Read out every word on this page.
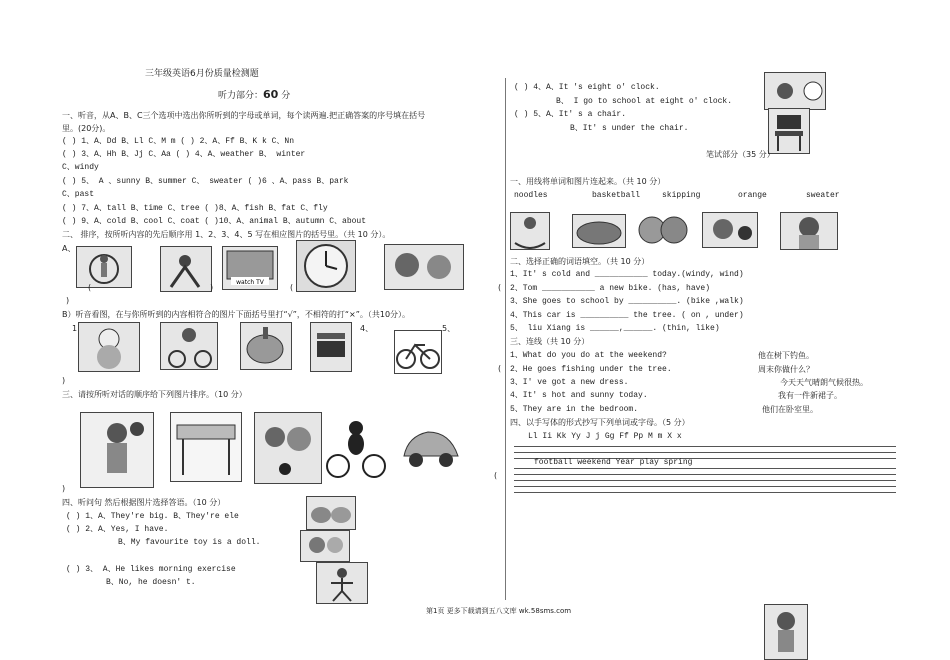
三年级英语6月份质量检测题
听力部分：60 分
一、听音，从A、B、C三个选项中选出你所听到的字母或单词，每个读两遍.把正确答案的序号填在括号
里。(20分)。
( ) 1、A、Dd B、Ll C、M m ( ) 2、A、Ff B、K k C、Nn
( ) 3、A、Hh B、Jj C、Aa ( ) 4、A、weather B、 winter
C、windy
( ) 5、 A 、sunny B、summer C、 sweater ( )6 、A、pass B、park
C、past
( ) 7、A、tall B、time C、tree ( )8、A、fish B、fat C、fly
( ) 9、A、cold B、cool C、coat ( )10、A、animal B、autumn C、about
二、 排序，按所听内容的先后顺序用 1、2、3、4、5 写在相应图片的括号里。（共 10 分）。
A、
watch TV
(	)	(	(
)
B）听音看图，在与你所听到的内容相符合的图片下面括号里打“√”，不相符的打“×”。（共10分）。
1	4、	5、
(
)
三、请按所听对话的顺序给下列图片排序。（10 分）
(
)
四、听问句 然后根据图片选择答语。（10 分）
( ) 1、A、They're big. B、They're ele
( ) 2、A、Yes, I have.
B、My favourite toy is a doll.
( ) 3、 A、He likes morning exercise
B、No, he doesn' t.
( ) 4、A、It 's eight o' clock.
B、 I go to school at eight o' clock.
( ) 5、A、It' s a chair.
B、It' s under the chair.
笔试部分（35 分）
一、用线将单词和图片连起来。（共 10 分）
noodles	basketball	skipping	orange	sweater
二、选择正确的词语填空。（共 10 分）
1、It' s cold and ___________ today.(windy, wind)
2、Tom ___________ a new bike. (has, have)
3、She goes to school by __________. (bike ,walk)
4、This car is __________ the tree. ( on , under)
5、 liu Xiang is ______,______. (thin, like)
三、连线（共 10 分）
1、What do you do at the weekend?
2、He goes fishing under the tree.
3、I' ve got a new dress.
4、It' s hot and sunny today.
5、They are in the bedroom.
他在树下钓鱼。
周末你做什么？
今天天气晴朗气候很热。
我有一件新裙子。
他们在卧室里。
四、以手写体的形式抄写下列单词或字母。（5 分）
Ll Ii Kk Yy J j Gg Ff Pp M m X x
football weekend Year play spring
第1页 更多下载请到五八文库 wk.58sms.com
